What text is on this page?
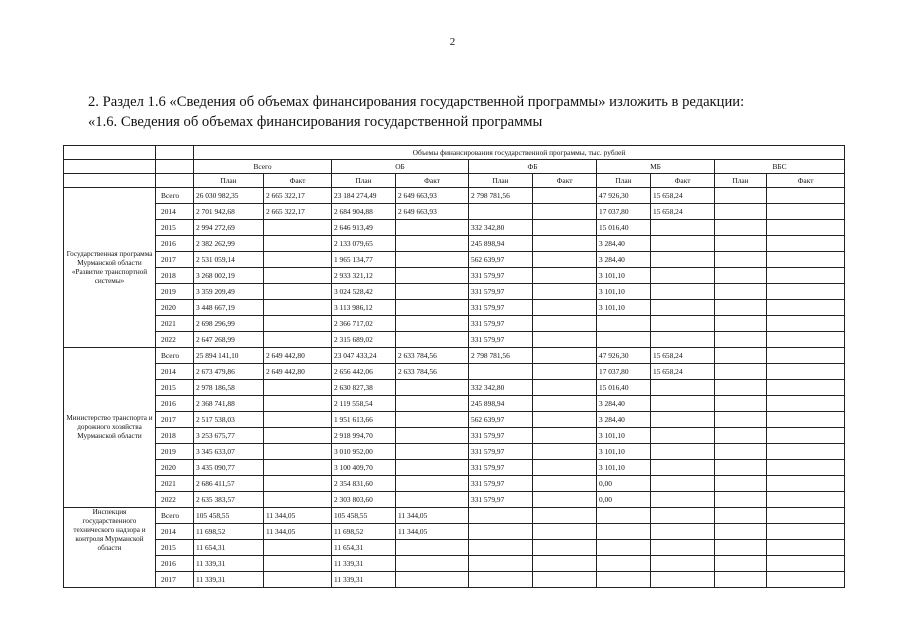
2
2. Раздел 1.6 «Сведения об объемах финансирования государственной программы» изложить в редакции:
«1.6. Сведения об объемах финансирования государственной программы
		Объемы финансирования государственной программы, тыс. рублей									
		Всего		ОБ		ФБ		МБ		ВБС	
		План	Факт	План	Факт	План	Факт	План	Факт	План	Факт
Государственная программа Мурманской области «Развитие транспортной системы»	Всего	26 030 982,35	2 665 322,17	23 184 274,49	2 649 663,93	2 798 781,56		47 926,30	15 658,24		
	2014	2 701 942,68	2 665 322,17	2 684 904,88	2 649 663,93			17 037,80	15 658,24		
	2015	2 994 272,69		2 646 913,49		332 342,80		15 016,40			
	2016	2 382 262,99		2 133 079,65		245 898,94		3 284,40			
	2017	2 531 059,14		1 965 134,77		562 639,97		3 284,40			
	2018	3 268 002,19		2 933 321,12		331 579,97		3 101,10			
	2019	3 359 209,49		3 024 528,42		331 579,97		3 101,10			
	2020	3 448 667,19		3 113 986,12		331 579,97		3 101,10			
	2021	2 698 296,99		2 366 717,02		331 579,97					
	2022	2 647 268,99		2 315 689,02		331 579,97					
Министерство транспорта и дорожного хозяйства Мурманской области	Всего	25 894 141,10	2 649 442,80	23 047 433,24	2 633 784,56	2 798 781,56		47 926,30	15 658,24		
	2014	2 673 479,86	2 649 442,80	2 656 442,06	2 633 784,56			17 037,80	15 658,24		
	2015	2 978 186,58		2 630 827,38		332 342,80		15 016,40			
	2016	2 368 741,88		2 119 558,54		245 898,94		3 284,40			
	2017	2 517 538,03		1 951 613,66		562 639,97		3 284,40			
	2018	3 253 675,77		2 918 994,70		331 579,97		3 101,10			
	2019	3 345 633,07		3 010 952,00		331 579,97		3 101,10			
	2020	3 435 090,77		3 100 409,70		331 579,97		3 101,10			
	2021	2 686 411,57		2 354 831,60		331 579,97		0,00			
	2022	2 635 383,57		2 303 803,60		331 579,97		0,00			
Инспекция государственного технического надзора и контроля Мурманской области	Всего	105 458,55	11 344,05	105 458,55	11 344,05						
	2014	11 698,52	11 344,05	11 698,52	11 344,05						
	2015	11 654,31		11 654,31							
	2016	11 339,31		11 339,31							
	2017	11 339,31		11 339,31							
